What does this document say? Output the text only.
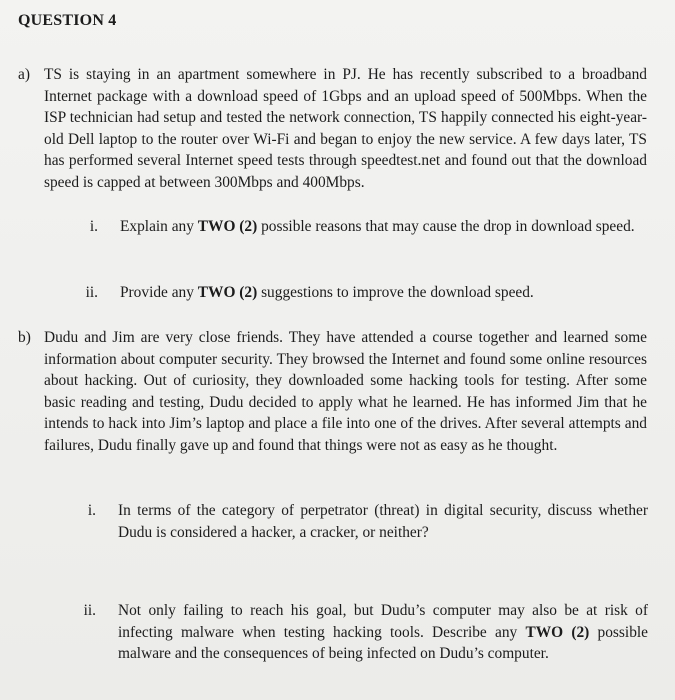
QUESTION 4
a) TS is staying in an apartment somewhere in PJ. He has recently subscribed to a broadband Internet package with a download speed of 1Gbps and an upload speed of 500Mbps. When the ISP technician had setup and tested the network connection, TS happily connected his eight-year-old Dell laptop to the router over Wi-Fi and began to enjoy the new service. A few days later, TS has performed several Internet speed tests through speedtest.net and found out that the download speed is capped at between 300Mbps and 400Mbps.

i. Explain any TWO (2) possible reasons that may cause the drop in download speed.

ii. Provide any TWO (2) suggestions to improve the download speed.

b) Dudu and Jim are very close friends. They have attended a course together and learned some information about computer security. They browsed the Internet and found some online resources about hacking. Out of curiosity, they downloaded some hacking tools for testing. After some basic reading and testing, Dudu decided to apply what he learned. He has informed Jim that he intends to hack into Jim’s laptop and place a file into one of the drives. After several attempts and failures, Dudu finally gave up and found that things were not as easy as he thought.

i. In terms of the category of perpetrator (threat) in digital security, discuss whether Dudu is considered a hacker, a cracker, or neither?

ii. Not only failing to reach his goal, but Dudu’s computer may also be at risk of infecting malware when testing hacking tools. Describe any TWO (2) possible malware and the consequences of being infected on Dudu’s computer.
